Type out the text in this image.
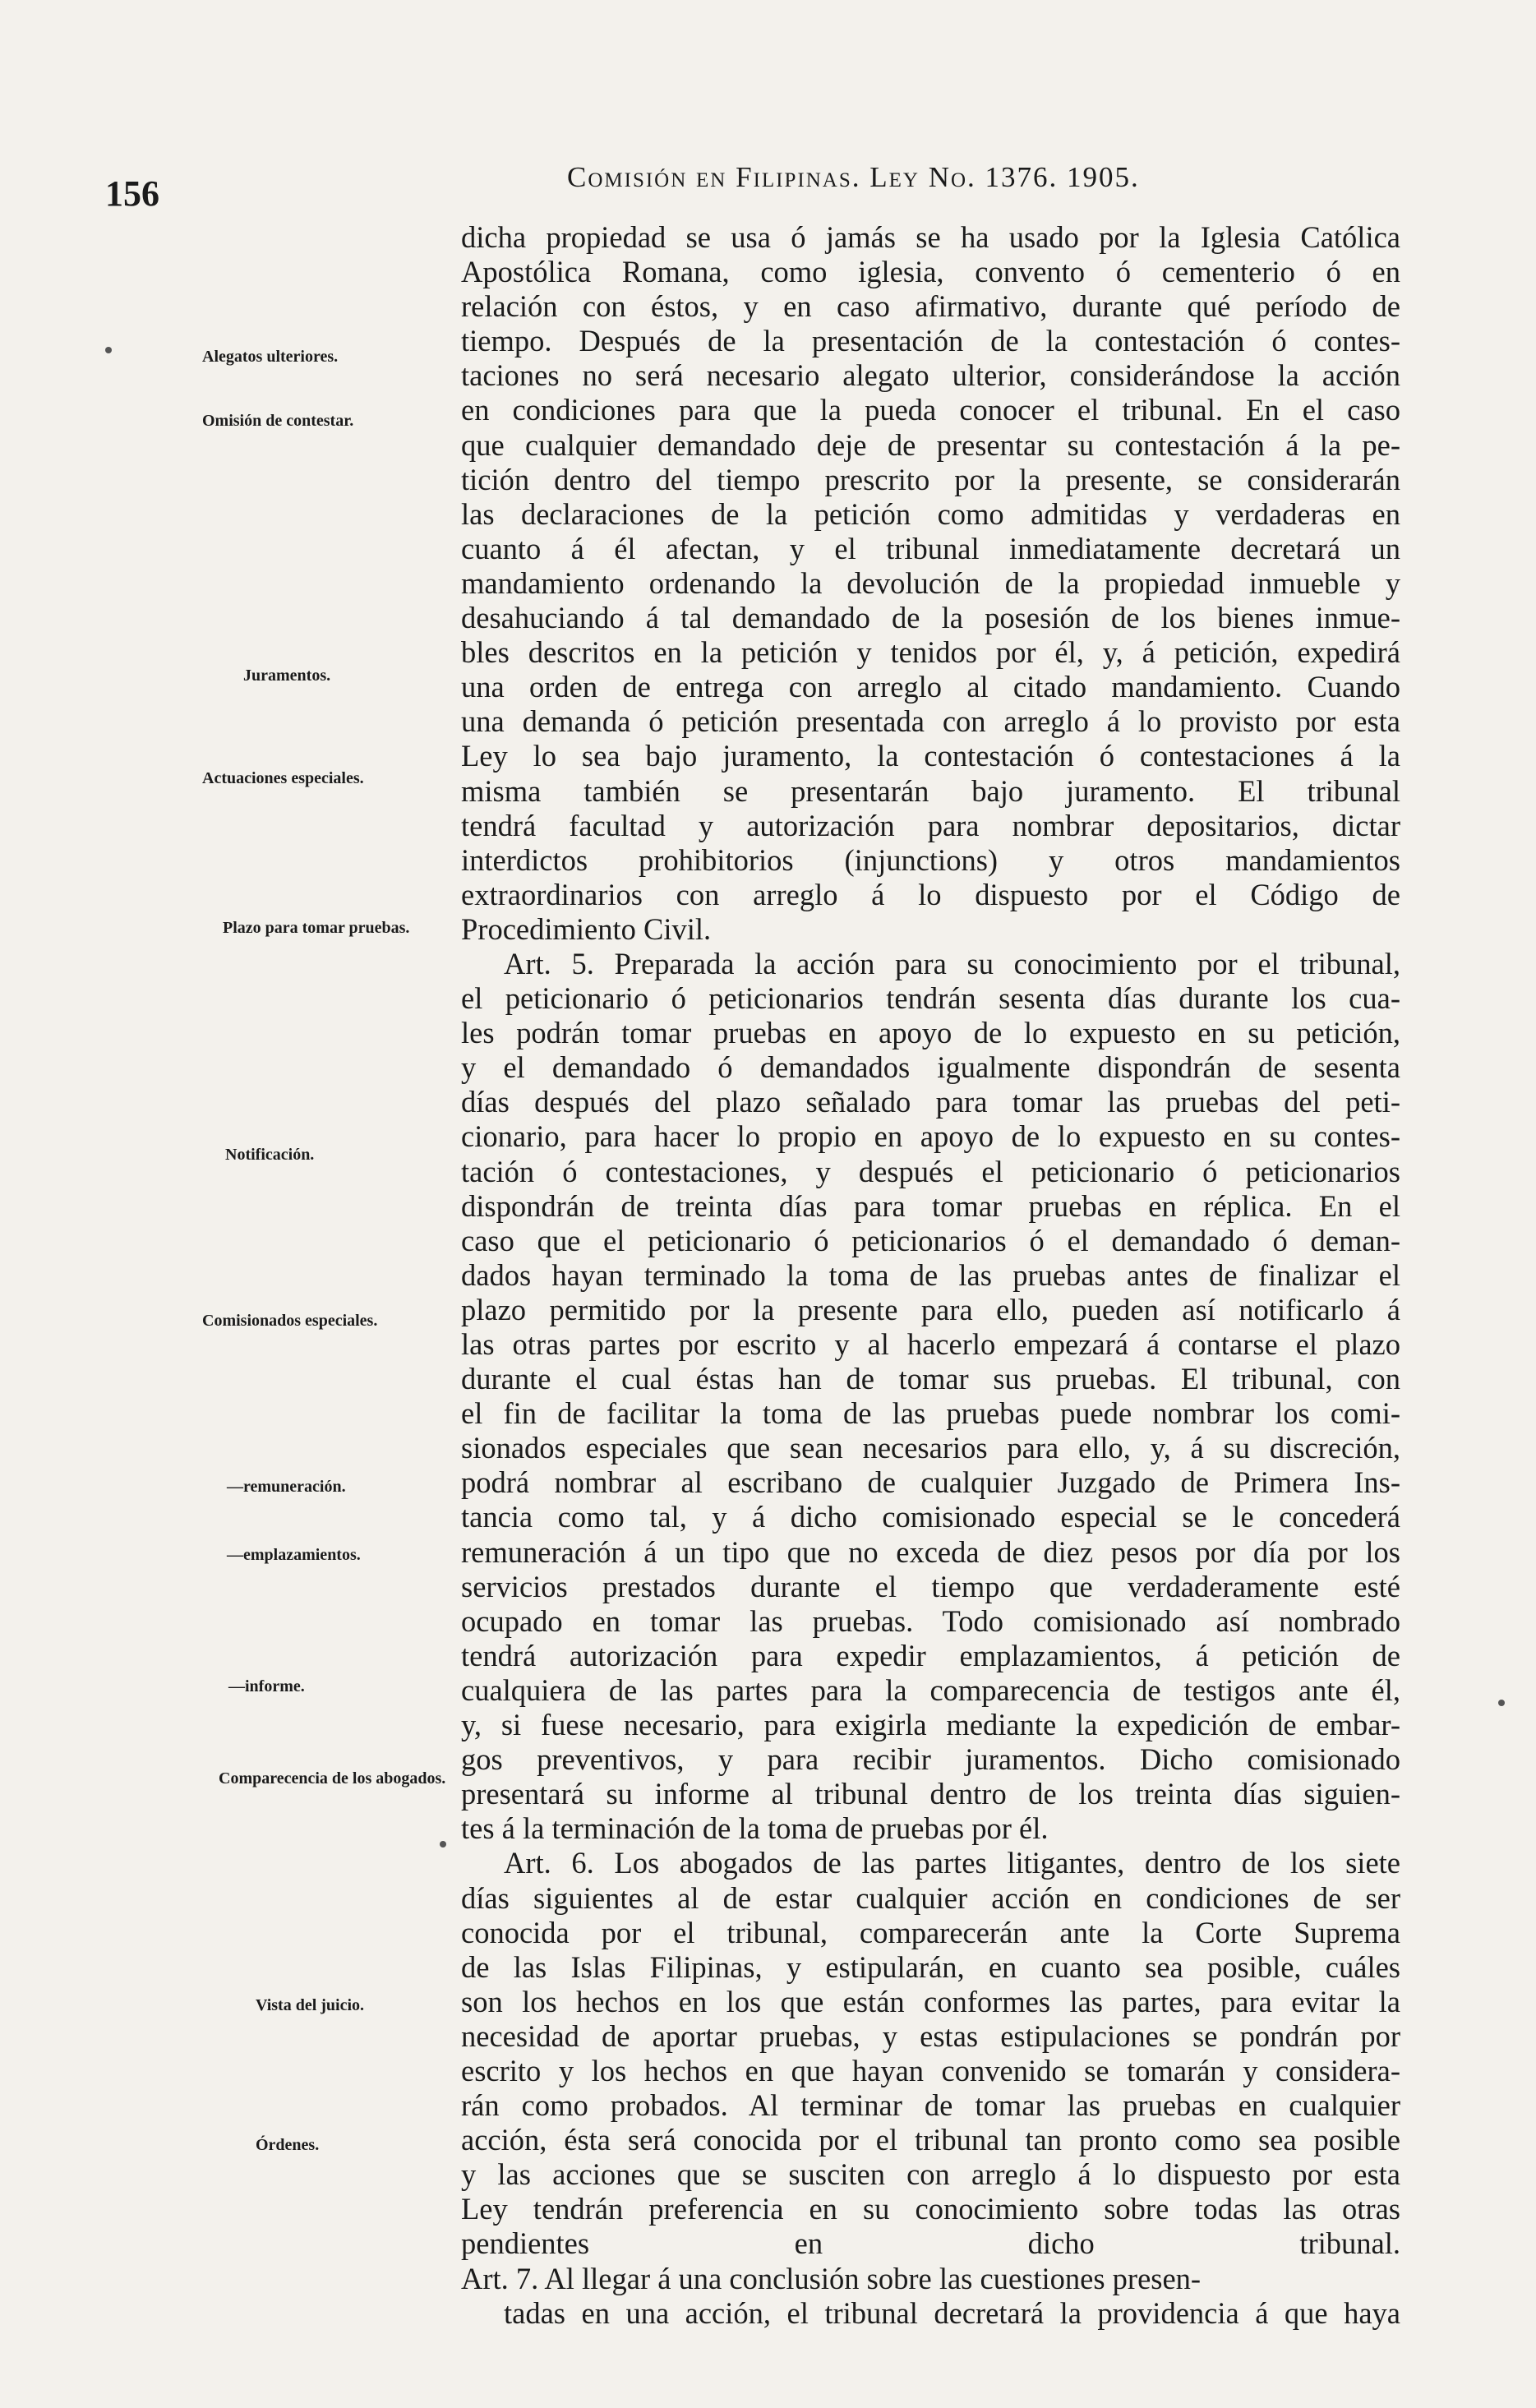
156	Comisión en Filipinas. Ley No. 1376. 1905.
Alegatos ulteriores.
Omisión de contestar.
Juramentos.
Actuaciones especiales.
Plazo para tomar pruebas.
Notificación.
Comisionados especiales.
—remuneración.
—emplazamientos.
—informe.
Comparecencia de los abogados.
Vista del juicio.
Órdenes.
dicha propiedad se usa ó jamás se ha usado por la Iglesia Católica
Apostólica Romana, como iglesia, convento ó cementerio ó en
relación con éstos, y en caso afirmativo, durante qué período de
tiempo. Después de la presentación de la contestación ó contes-
taciones no será necesario alegato ulterior, considerándose la acción
en condiciones para que la pueda conocer el tribunal. En el caso
que cualquier demandado deje de presentar su contestación á la pe-
tición dentro del tiempo prescrito por la presente, se considerarán
las declaraciones de la petición como admitidas y verdaderas en
cuanto á él afectan, y el tribunal inmediatamente decretará un
mandamiento ordenando la devolución de la propiedad inmueble y
desahuciando á tal demandado de la posesión de los bienes inmue-
bles descritos en la petición y tenidos por él, y, á petición, expedirá
una orden de entrega con arreglo al citado mandamiento. Cuando
una demanda ó petición presentada con arreglo á lo provisto por esta
Ley lo sea bajo juramento, la contestación ó contestaciones á la
misma también se presentarán bajo juramento. El tribunal
tendrá facultad y autorización para nombrar depositarios, dictar
interdictos prohibitorios (injunctions) y otros mandamientos
extraordinarios con arreglo á lo dispuesto por el Código de
Procedimiento Civil.
Art. 5. Preparada la acción para su conocimiento por el tribunal,
el peticionario ó peticionarios tendrán sesenta días durante los cua-
les podrán tomar pruebas en apoyo de lo expuesto en su petición,
y el demandado ó demandados igualmente dispondrán de sesenta
días después del plazo señalado para tomar las pruebas del peti-
cionario, para hacer lo propio en apoyo de lo expuesto en su contes-
tación ó contestaciones, y después el peticionario ó peticionarios
dispondrán de treinta días para tomar pruebas en réplica. En el
caso que el peticionario ó peticionarios ó el demandado ó deman-
dados hayan terminado la toma de las pruebas antes de finalizar el
plazo permitido por la presente para ello, pueden así notificarlo á
las otras partes por escrito y al hacerlo empezará á contarse el plazo
durante el cual éstas han de tomar sus pruebas. El tribunal, con
el fin de facilitar la toma de las pruebas puede nombrar los comi-
sionados especiales que sean necesarios para ello, y, á su discreción,
podrá nombrar al escribano de cualquier Juzgado de Primera Ins-
tancia como tal, y á dicho comisionado especial se le concederá
remuneración á un tipo que no exceda de diez pesos por día por los
servicios prestados durante el tiempo que verdaderamente esté
ocupado en tomar las pruebas. Todo comisionado así nombrado
tendrá autorización para expedir emplazamientos, á petición de
cualquiera de las partes para la comparecencia de testigos ante él,
y, si fuese necesario, para exigirla mediante la expedición de embar-
gos preventivos, y para recibir juramentos. Dicho comisionado
presentará su informe al tribunal dentro de los treinta días siguien-
tes á la terminación de la toma de pruebas por él.
Art. 6. Los abogados de las partes litigantes, dentro de los siete
días siguientes al de estar cualquier acción en condiciones de ser
conocida por el tribunal, comparecerán ante la Corte Suprema
de las Islas Filipinas, y estipularán, en cuanto sea posible, cuáles
son los hechos en los que están conformes las partes, para evitar la
necesidad de aportar pruebas, y estas estipulaciones se pondrán por
escrito y los hechos en que hayan convenido se tomarán y considera-
rán como probados. Al terminar de tomar las pruebas en cualquier
acción, ésta será conocida por el tribunal tan pronto como sea posible
y las acciones que se susciten con arreglo á lo dispuesto por esta
Ley tendrán preferencia en su conocimiento sobre todas las otras
pendientes en dicho tribunal.
Art. 7. Al llegar á una conclusión sobre las cuestiones presen-
tadas en una acción, el tribunal decretará la providencia á que haya
